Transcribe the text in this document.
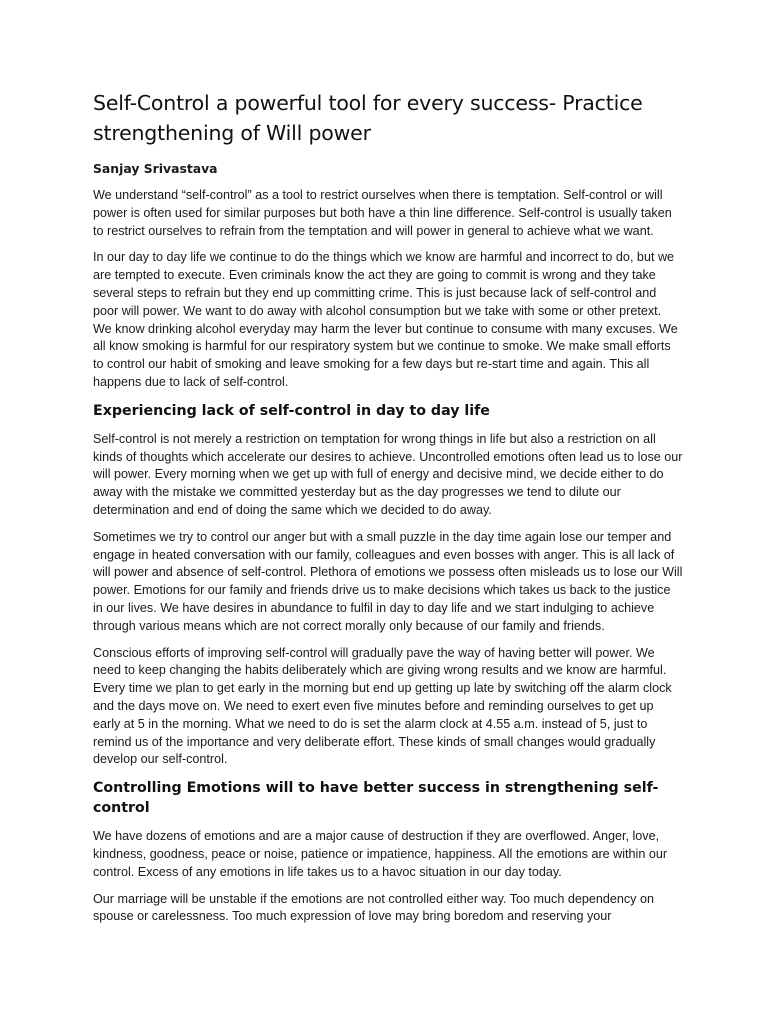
Self-Control a powerful tool for every success- Practice strengthening of Will power

Sanjay Srivastava

We understand “self-control” as a tool to restrict ourselves when there is temptation. Self-control or will power is often used for similar purposes but both have a thin line difference. Self-control is usually taken to restrict ourselves to refrain from the temptation and will power in general to achieve what we want.

In our day to day life we continue to do the things which we know are harmful and incorrect to do, but we are tempted to execute. Even criminals know the act they are going to commit is wrong and they take several steps to refrain but they end up committing crime. This is just because lack of self-control and poor will power. We want to do away with alcohol consumption but we take with some or other pretext. We know drinking alcohol everyday may harm the lever but continue to consume with many excuses. We all know smoking is harmful for our respiratory system but we continue to smoke. We make small efforts to control our habit of smoking and leave smoking for a few days but re-start time and again. This all happens due to lack of self-control.

Experiencing lack of self-control in day to day life

Self-control is not merely a restriction on temptation for wrong things in life but also a restriction on all kinds of thoughts which accelerate our desires to achieve. Uncontrolled emotions often lead us to lose our will power. Every morning when we get up with full of energy and decisive mind, we decide either to do away with the mistake we committed yesterday but as the day progresses we tend to dilute our determination and end of doing the same which we decided to do away.

Sometimes we try to control our anger but with a small puzzle in the day time again lose our temper and engage in heated conversation with our family, colleagues and even bosses with anger. This is all lack of will power and absence of self-control. Plethora of emotions we possess often misleads us to lose our Will power. Emotions for our family and friends drive us to make decisions which takes us back to the justice in our lives. We have desires in abundance to fulfil in day to day life and we start indulging to achieve through various means which are not correct morally only because of our family and friends.

Conscious efforts of improving self-control will gradually pave the way of having better will power. We need to keep changing the habits deliberately which are giving wrong results and we know are harmful. Every time we plan to get early in the morning but end up getting up late by switching off the alarm clock and the days move on. We need to exert even five minutes before and reminding ourselves to get up early at 5 in the morning. What we need to do is set the alarm clock at 4.55 a.m. instead of 5, just to remind us of the importance and very deliberate effort. These kinds of small changes would gradually develop our self-control.

Controlling Emotions will to have better success in strengthening self-control

We have dozens of emotions and are a major cause of destruction if they are overflowed. Anger, love, kindness, goodness, peace or noise, patience or impatience, happiness. All the emotions are within our control. Excess of any emotions in life takes us to a havoc situation in our day today.

Our marriage will be unstable if the emotions are not controlled either way. Too much dependency on spouse or carelessness. Too much expression of love may bring boredom and reserving your
